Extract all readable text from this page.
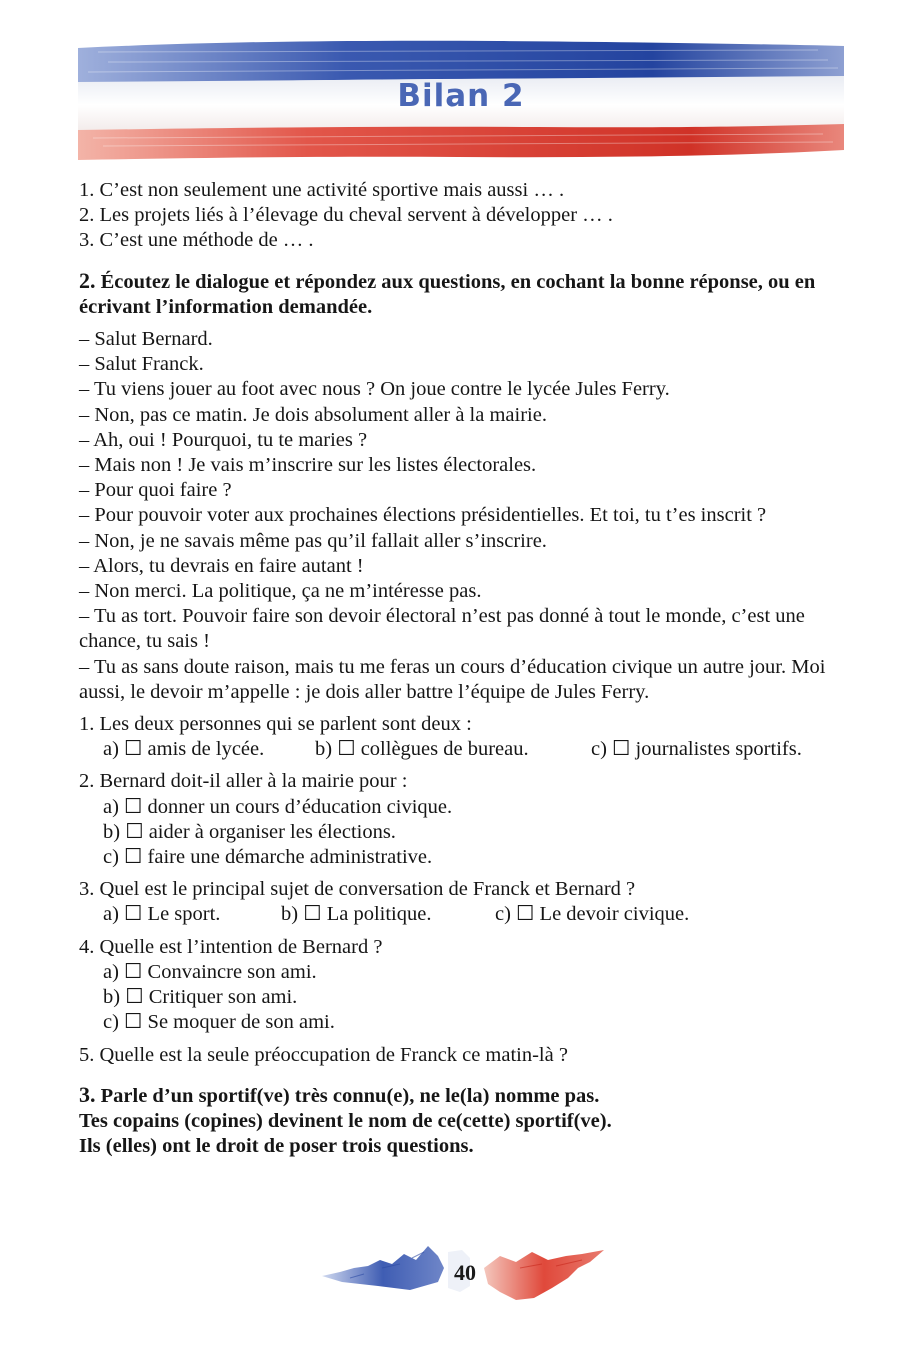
Bilan 2
1. C’est non seulement une activité sportive mais aussi … .
2. Les projets liés à l’élevage du cheval servent à développer … .
3. C’est une méthode de … .
2. Écoutez le dialogue et répondez aux questions, en cochant la bonne réponse, ou en écrivant l’information demandée.
– Salut Bernard.
– Salut Franck.
– Tu viens jouer au foot avec nous ? On joue contre le lycée Jules Ferry.
– Non, pas ce matin. Je dois absolument aller à la mairie.
– Ah, oui ! Pourquoi, tu te maries ?
– Mais non ! Je vais m’inscrire sur les listes électorales.
– Pour quoi faire ?
– Pour pouvoir voter aux prochaines élections présidentielles. Et toi, tu t’es inscrit ?
– Non, je ne savais même pas qu’il fallait aller s’inscrire.
– Alors, tu devrais en faire autant !
– Non merci. La politique, ça ne m’intéresse pas.
– Tu as tort. Pouvoir faire son devoir électoral n’est pas donné à tout le monde, c’est une chance, tu sais !
– Tu as sans doute raison, mais tu me feras un cours d’éducation civique un autre jour. Moi aussi, le devoir m’appelle : je dois aller battre l’équipe de Jules Ferry.
1. Les deux personnes qui se parlent sont deux :
a) ☐ amis de lycée.	b) ☐ collègues de bureau.	c) ☐ journalistes sportifs.
2. Bernard doit-il aller à la mairie pour :
a) ☐ donner un cours d’éducation civique.
b) ☐ aider à organiser les élections.
c) ☐ faire une démarche administrative.
3. Quel est le principal sujet de conversation de Franck et Bernard ?
a) ☐ Le sport.	b) ☐ La politique.	c) ☐ Le devoir civique.
4. Quelle est l’intention de Bernard ?
a) ☐ Convaincre son ami.
b) ☐ Critiquer son ami.
c) ☐ Se moquer de son ami.
5. Quelle est la seule préoccupation de Franck ce matin-là ?
3. Parle d’un sportif(ve) très connu(e), ne le(la) nomme pas.
Tes copains (copines) devinent le nom de ce(cette) sportif(ve).
Ils (elles) ont le droit de poser trois questions.
40
